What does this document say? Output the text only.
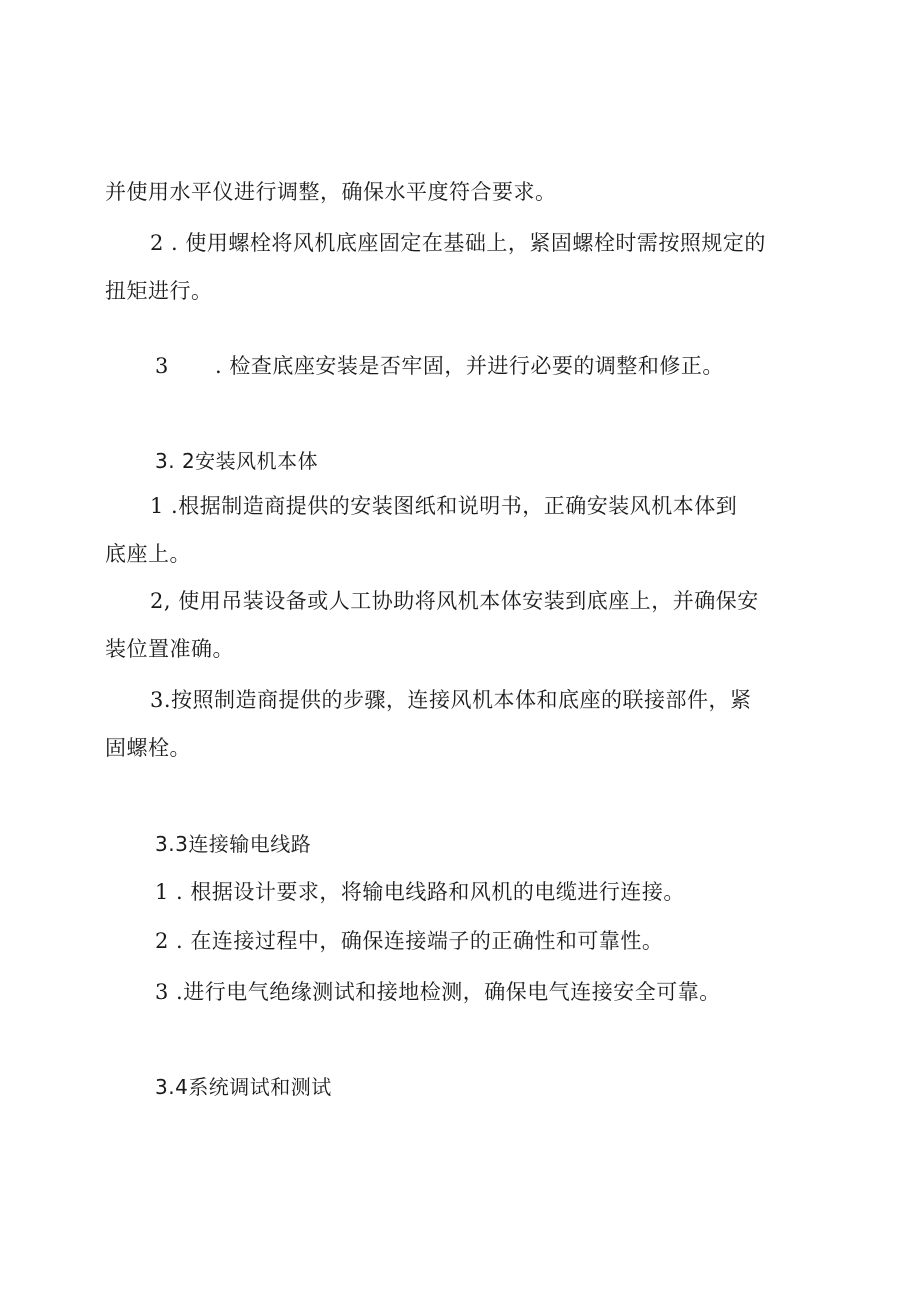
并使用水平仪进行调整，确保水平度符合要求。
2 . 使用螺栓将风机底座固定在基础上，紧固螺栓时需按照规定的
扭矩进行。
3 . 检查底座安装是否牢固，并进行必要的调整和修正。
3. 2安装风机本体
1 .根据制造商提供的安装图纸和说明书，正确安装风机本体到
底座上。
2, 使用吊装设备或人工协助将风机本体安装到底座上，并确保安
装位置准确。
3.按照制造商提供的步骤，连接风机本体和底座的联接部件，紧
固螺栓。
3.3连接输电线路
1 . 根据设计要求，将输电线路和风机的电缆进行连接。
2 . 在连接过程中，确保连接端子的正确性和可靠性。
3 .进行电气绝缘测试和接地检测，确保电气连接安全可靠。
3.4系统调试和测试
